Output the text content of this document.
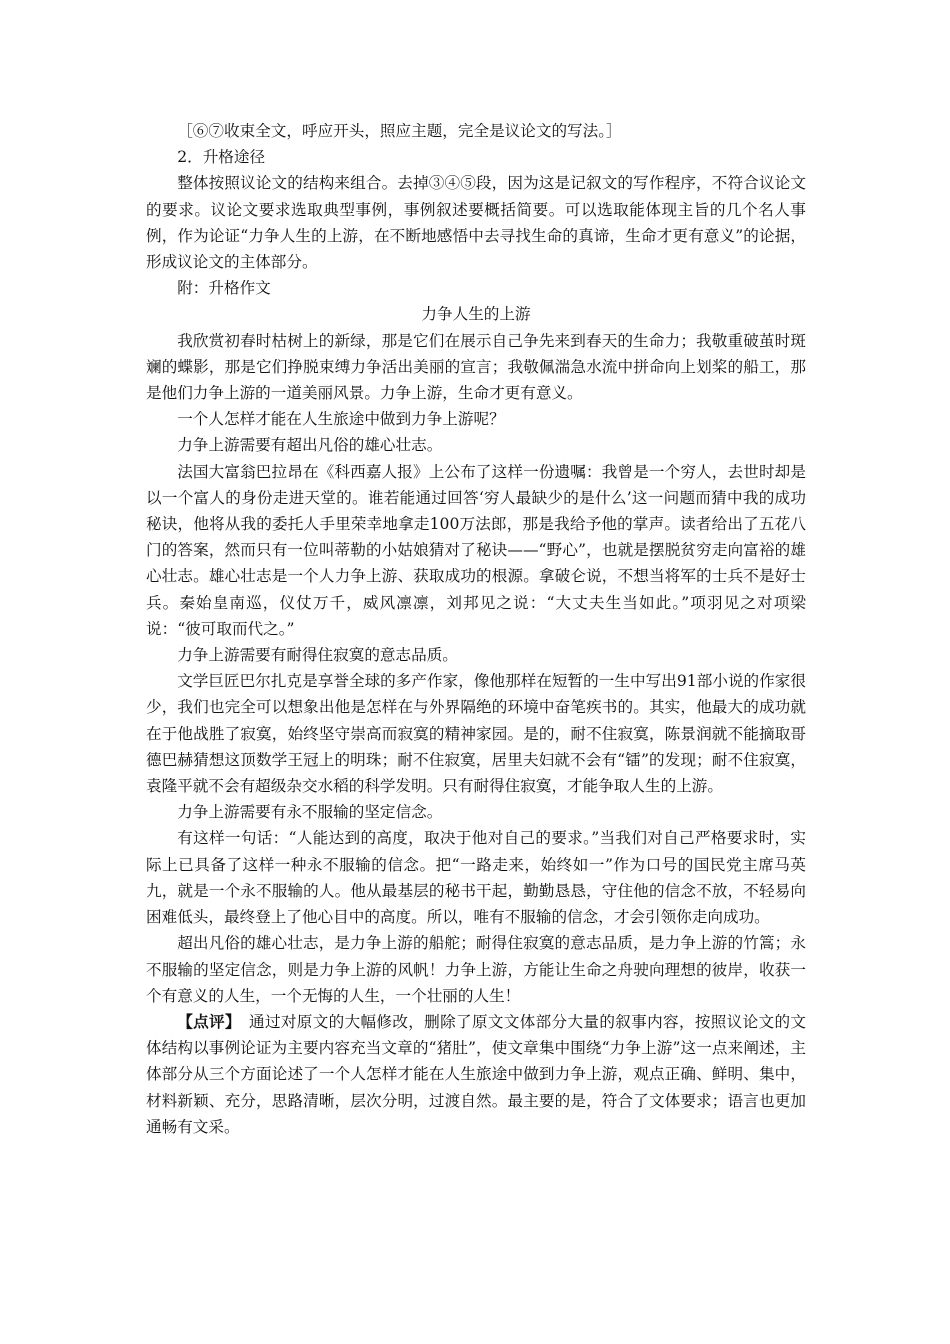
［⑥⑦收束全文，呼应开头，照应主题，完全是议论文的写法。］

2．升格途径

整体按照议论文的结构来组合。去掉③④⑤段，因为这是记叙文的写作程序，不符合议论文的要求。议论文要求选取典型事例，事例叙述要概括简要。可以选取能体现主旨的几个名人事例，作为论证“力争人生的上游，在不断地感悟中去寻找生命的真谛，生命才更有意义”的论据，形成议论文的主体部分。

附：升格作文

力争人生的上游

我欣赏初春时枯树上的新绿，那是它们在展示自己争先来到春天的生命力；我敬重破茧时斑斓的蝶影，那是它们挣脱束缚力争活出美丽的宣言；我敬佩湍急水流中拼命向上划桨的船工，那是他们力争上游的一道美丽风景。力争上游，生命才更有意义。

一个人怎样才能在人生旅途中做到力争上游呢？

力争上游需要有超出凡俗的雄心壮志。

法国大富翁巴拉昂在《科西嘉人报》上公布了这样一份遗嘱：我曾是一个穷人，去世时却是以一个富人的身份走进天堂的。谁若能通过回答‘穷人最缺少的是什么’这一问题而猜中我的成功秘诀，他将从我的委托人手里荣幸地拿走100万法郎，那是我给予他的掌声。读者给出了五花八门的答案，然而只有一位叫蒂勒的小姑娘猜对了秘诀——“野心”，也就是摆脱贫穷走向富裕的雄心壮志。雄心壮志是一个人力争上游、获取成功的根源。拿破仑说，不想当将军的士兵不是好士兵。秦始皇南巡，仪仗万千，威风凛凛，刘邦见之说：“大丈夫生当如此。”项羽见之对项梁说：“彼可取而代之。”

力争上游需要有耐得住寂寞的意志品质。

文学巨匠巴尔扎克是享誉全球的多产作家，像他那样在短暂的一生中写出91部小说的作家很少，我们也完全可以想象出他是怎样在与外界隔绝的环境中奋笔疾书的。其实，他最大的成功就在于他战胜了寂寞，始终坚守崇高而寂寞的精神家园。是的，耐不住寂寞，陈景润就不能摘取哥德巴赫猜想这顶数学王冠上的明珠；耐不住寂寞，居里夫妇就不会有“镭”的发现；耐不住寂寞，袁隆平就不会有超级杂交水稻的科学发明。只有耐得住寂寞，才能争取人生的上游。

力争上游需要有永不服输的坚定信念。

有这样一句话：“人能达到的高度，取决于他对自己的要求。”当我们对自己严格要求时，实际上已具备了这样一种永不服输的信念。把“一路走来，始终如一”作为口号的国民党主席马英九，就是一个永不服输的人。他从最基层的秘书干起，勤勤恳恳，守住他的信念不放，不轻易向困难低头，最终登上了他心目中的高度。所以，唯有不服输的信念，才会引领你走向成功。

超出凡俗的雄心壮志，是力争上游的船舵；耐得住寂寞的意志品质，是力争上游的竹篙；永不服输的坚定信念，则是力争上游的风帆！力争上游，方能让生命之舟驶向理想的彼岸，收获一个有意义的人生，一个无悔的人生，一个壮丽的人生！

【点评】　 通过对原文的大幅修改，删除了原文文体部分大量的叙事内容，按照议论文的文体结构以事例论证为主要内容充当文章的“猪肚”，使文章集中围绕“力争上游”这一点来阐述，主体部分从三个方面论述了一个人怎样才能在人生旅途中做到力争上游，观点正确、鲜明、集中，材料新颖、充分，思路清晰，层次分明，过渡自然。最主要的是，符合了文体要求；语言也更加通畅有文采。
